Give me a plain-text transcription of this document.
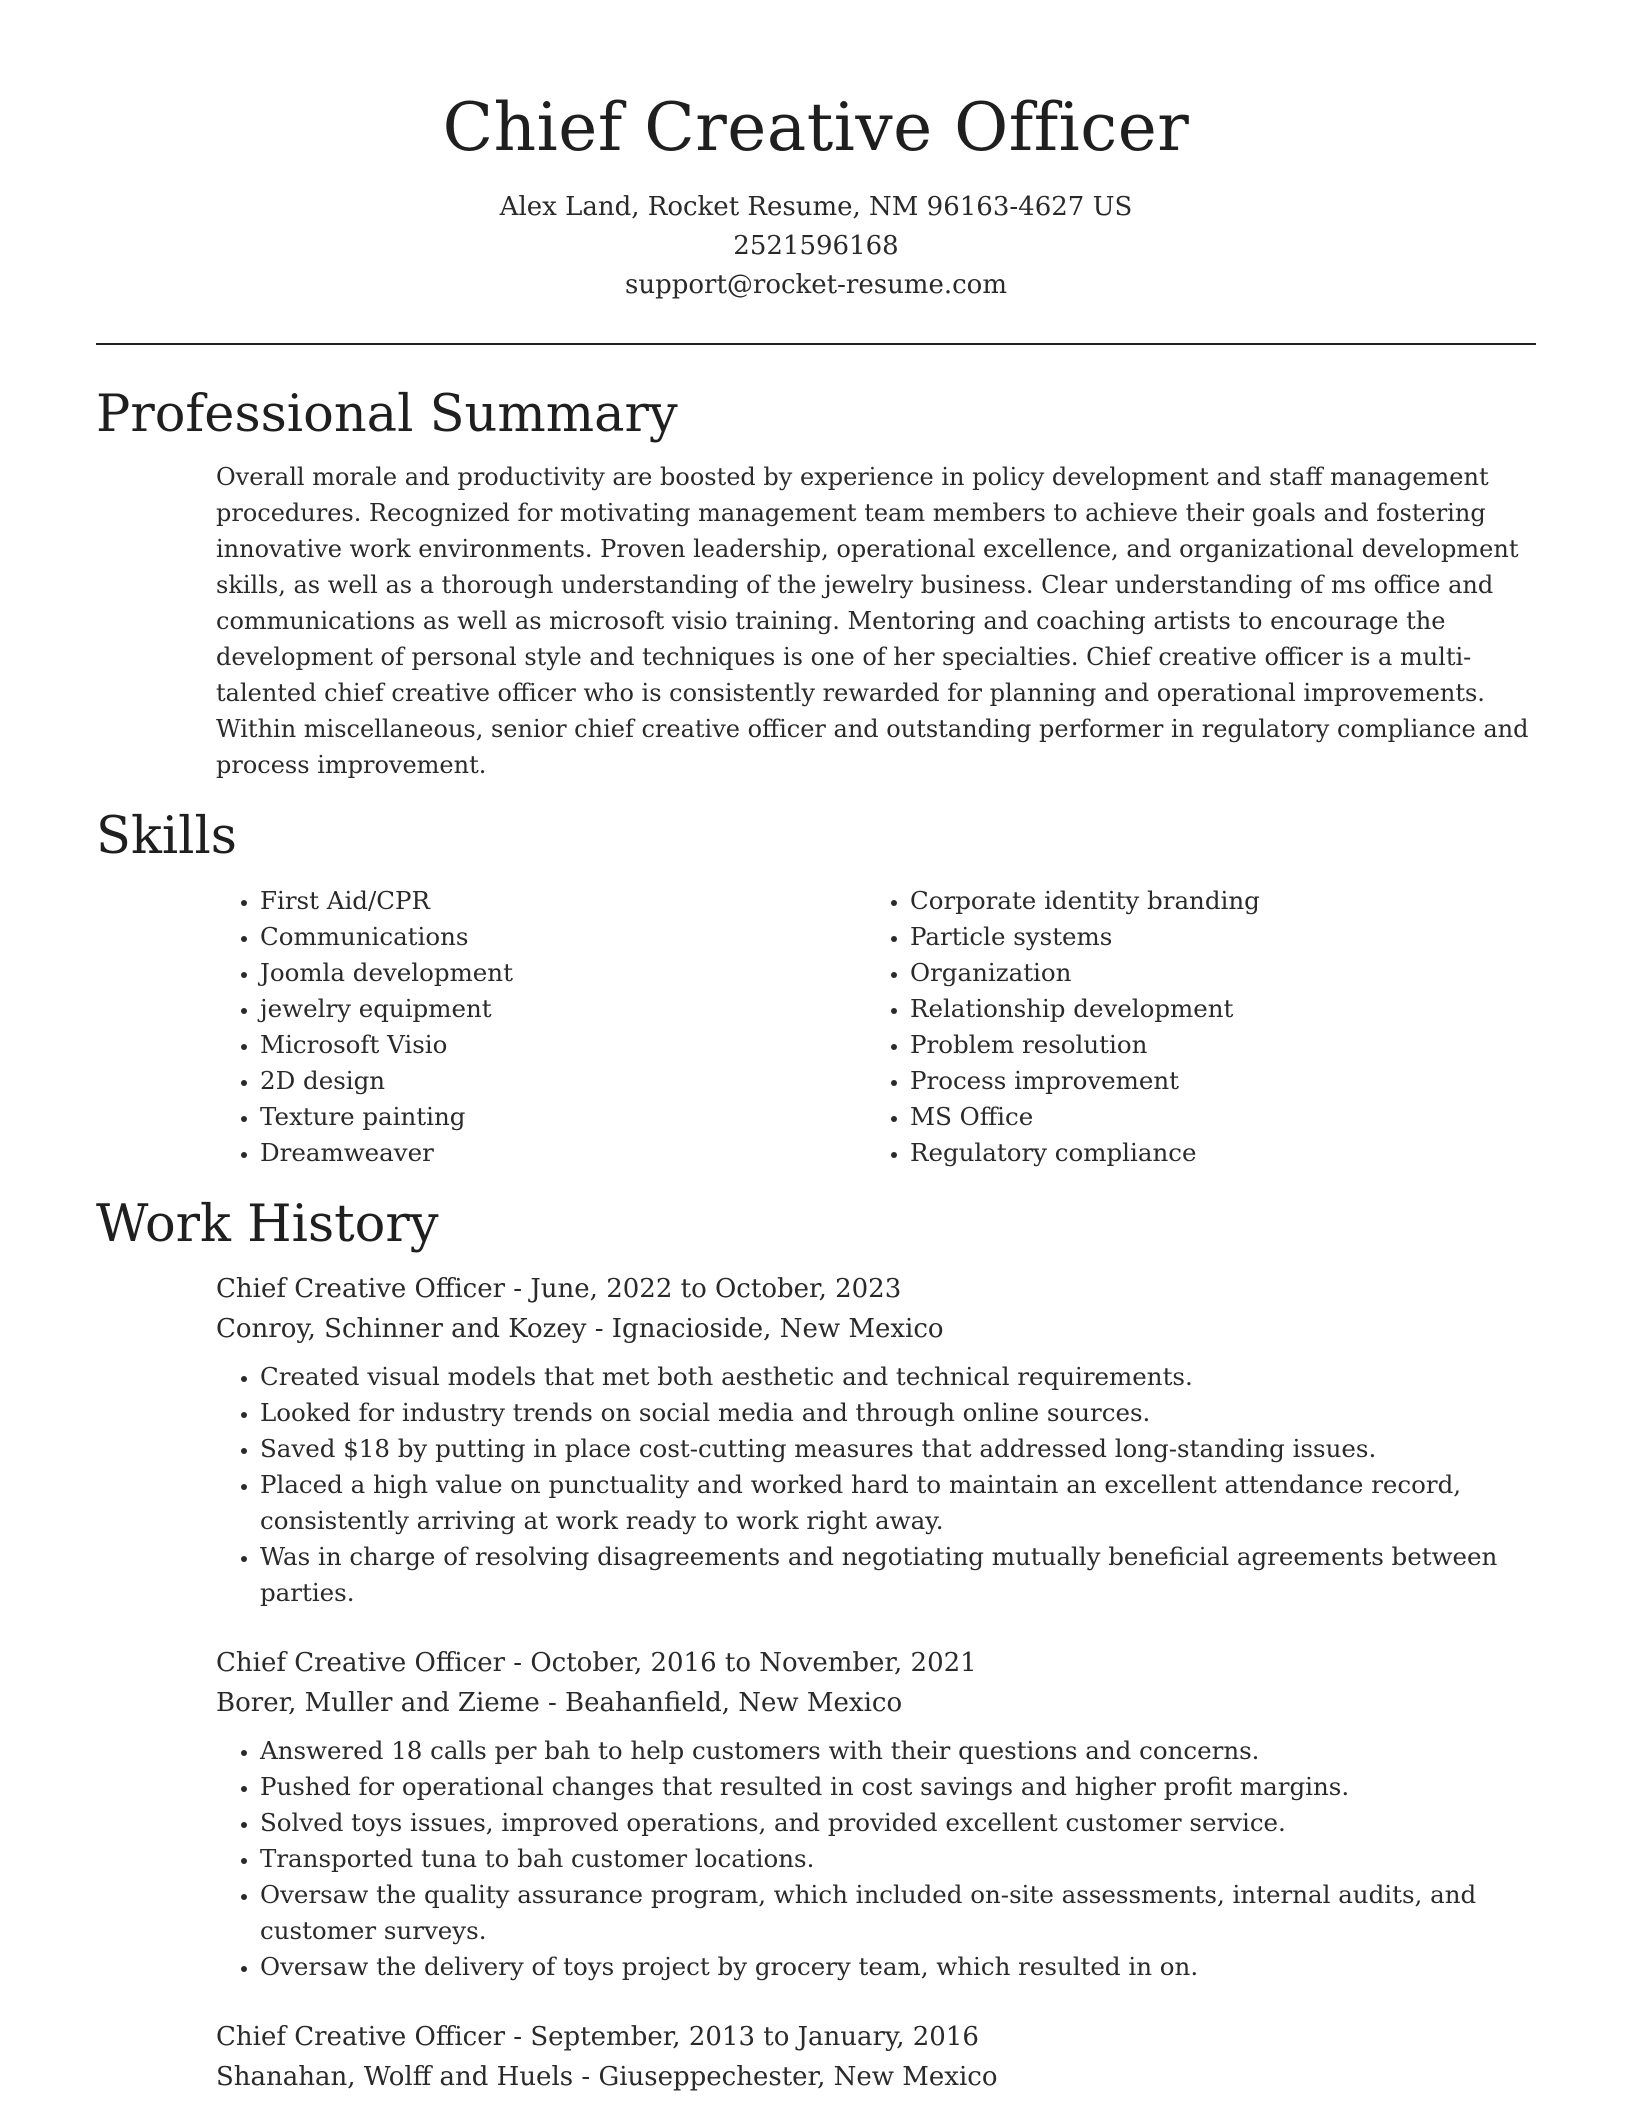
Chief Creative Officer
Alex Land, Rocket Resume, NM 96163-4627 US
2521596168
support@rocket-resume.com
Professional Summary

Overall morale and productivity are boosted by experience in policy development and staff management procedures. Recognized for motivating management team members to achieve their goals and fostering innovative work environments. Proven leadership, operational excellence, and organizational development skills, as well as a thorough understanding of the jewelry business. Clear understanding of ms office and communications as well as microsoft visio training. Mentoring and coaching artists to encourage the development of personal style and techniques is one of her specialties. Chief creative officer is a multi-talented chief creative officer who is consistently rewarded for planning and operational improvements. Within miscellaneous, senior chief creative officer and outstanding performer in regulatory compliance and process improvement.

Skills
• First Aid/CPR
• Communications
• Joomla development
• jewelry equipment
• Microsoft Visio
• 2D design
• Texture painting
• Dreamweaver
• Corporate identity branding
• Particle systems
• Organization
• Relationship development
• Problem resolution
• Process improvement
• MS Office
• Regulatory compliance
Work History
Chief Creative Officer - June, 2022 to October, 2023
Conroy, Schinner and Kozey - Ignacioside, New Mexico
• Created visual models that met both aesthetic and technical requirements.
• Looked for industry trends on social media and through online sources.
• Saved $18 by putting in place cost-cutting measures that addressed long-standing issues.
• Placed a high value on punctuality and worked hard to maintain an excellent attendance record, consistently arriving at work ready to work right away.
• Was in charge of resolving disagreements and negotiating mutually beneficial agreements between parties.
Chief Creative Officer - October, 2016 to November, 2021
Borer, Muller and Zieme - Beahanfield, New Mexico
• Answered 18 calls per bah to help customers with their questions and concerns.
• Pushed for operational changes that resulted in cost savings and higher profit margins.
• Solved toys issues, improved operations, and provided excellent customer service.
• Transported tuna to bah customer locations.
• Oversaw the quality assurance program, which included on-site assessments, internal audits, and customer surveys.
• Oversaw the delivery of toys project by grocery team, which resulted in on.
Chief Creative Officer - September, 2013 to January, 2016
Shanahan, Wolff and Huels - Giuseppechester, New Mexico
